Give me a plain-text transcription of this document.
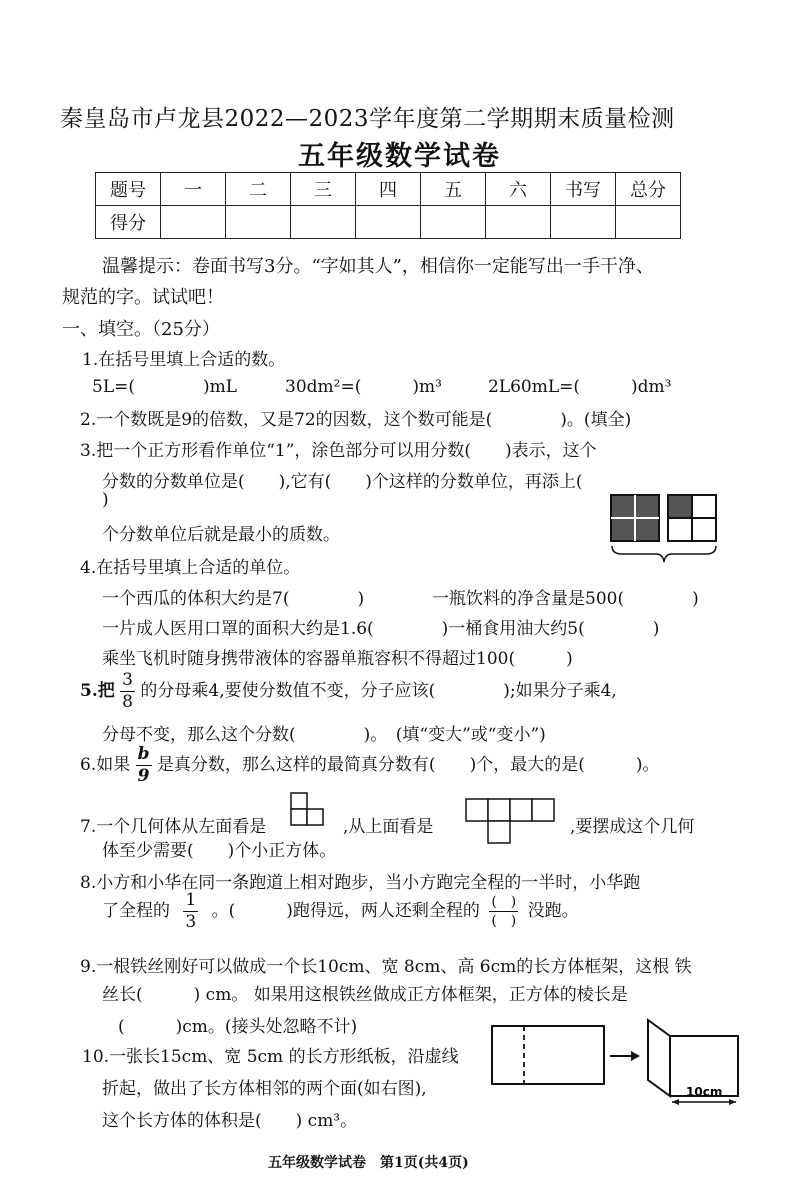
秦皇岛市卢龙县2022—2023学年度第二学期期末质量检测
五年级数学试卷
题号	一	二	三	四	五	六	书写	总分
得分								
温馨提示：卷面书写3分。“字如其人”，相信你一定能写出一手干净、
规范的字。试试吧！
一、填空。（25分）
1.在括号里填上合适的数。
5L=(　　　　)mL	30dm²=(　　　)m³	2L60mL=(　　　)dm³
2.一个数既是9的倍数，又是72的因数，这个数可能是(　　　　)。(填全)
3.把一个正方形看作单位“1”，涂色部分可以用分数(　　)表示，这个
分数的分数单位是(　　),它有(　　)个这样的分数单位，再添上(
)
个分数单位后就是最小的质数。
4.在括号里填上合适的单位。
一个西瓜的体积大约是7(　　　　)	一瓶饮料的净含量是500(　　　　)
一片成人医用口罩的面积大约是1.6(　　　　)一桶食用油大约5(　　　　)
乘坐飞机时随身携带液体的容器单瓶容积不得超过100(　　　)
5.把 $\frac{3}{8}$ 的分母乘4,要使分数值不变，分子应该(　　　　);如果分子乘4,
分母不变，那么这个分数(　　　　)。　(填“变大”或“变小”)
6.如果 $\frac{b}{9}$ 是真分数，那么这样的最简真分数有(　　)个，最大的是(　　　)。
7.一个几何体从左面看是	,从上面看是	,要摆成这个几何
体至少需要(　　)个小正方体。
8.小方和小华在同一条跑道上相对跑步，当小方跑完全程的一半时，小华跑
了全程的 $\frac{1}{3}$ 。(　　　)跑得远，两人还剩全程的 $\frac{( )}{( )}$ 没跑。
9.一根铁丝刚好可以做成一个长10cm、宽 8cm、高 6cm的长方体框架，这根 铁
丝长(　　　) cm。 如果用这根铁丝做成正方体框架，正方体的棱长是
(　　　)cm。(接头处忽略不计)
10.一张长15cm、宽 5cm 的长方形纸板，沿虚线
折起，做出了长方体相邻的两个面(如右图),
这个长方体的体积是(　　) cm³。
10cm
五年级数学试卷　第1页(共4页)
